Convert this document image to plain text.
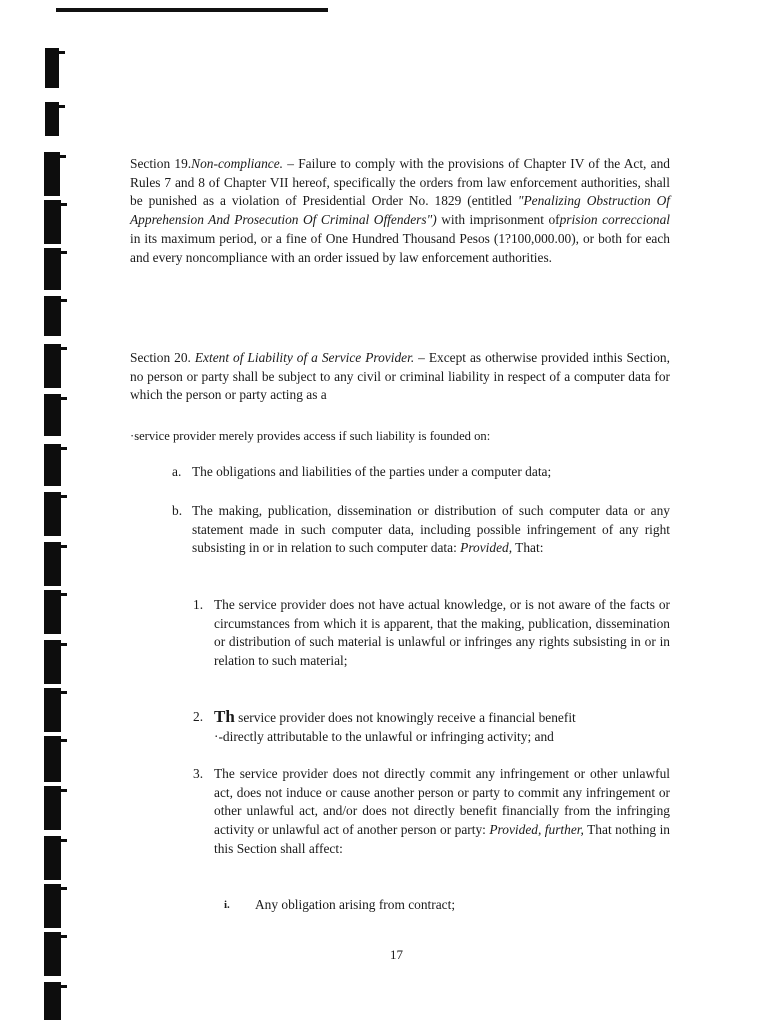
Section 19.Non-compliance. – Failure to comply with the provisions of Chapter IV of the Act, and Rules 7 and 8 of Chapter VII hereof, specifically the orders from law enforcement authorities, shall be punished as a violation of Presidential Order No. 1829 (entitled "Penalizing Obstruction Of Apprehension And Prosecution Of Criminal Offenders") with imprisonment ofprision correccional in its maximum period, or a fine of One Hundred Thousand Pesos (1?100,000.00), or both for each and every noncompliance with an order issued by law enforcement authorities.

Section 20. Extent of Liability of a Service Provider. – Except as otherwise provided inthis Section, no person or party shall be subject to any civil or criminal liability in respect of a computer data for which the person or party acting as a

·service provider merely provides access if such liability is founded on:

a. The obligations and liabilities of the parties under a computer data;

b. The making, publication, dissemination or distribution of such computer data or any statement made in such computer data, including possible infringement of any right subsisting in or in relation to such computer data: Provided, That:

1. The service provider does not have actual knowledge, or is not aware of the facts or circumstances from which it is apparent, that the making, publication, dissemination or distribution of such material is unlawful or infringes any rights subsisting in or in relation to such material;

2. Th service provider does not knowingly receive a financial benefit
·-directly attributable to the unlawful or infringing activity; and
3. The service provider does not directly commit any infringement or other unlawful act, does not induce or cause another person or party to commit any infringement or other unlawful act, and/or does not directly benefit financially from the infringing activity or unlawful act of another person or party: Provided, further, That nothing in this Section shall affect:

i. Any obligation arising from contract;

17
